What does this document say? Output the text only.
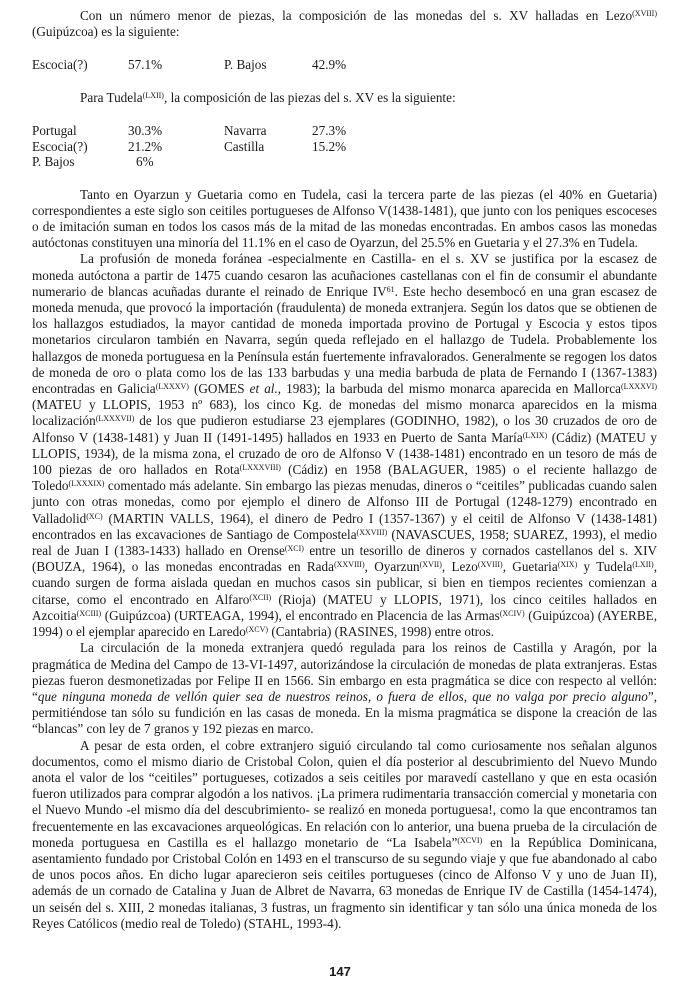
Con un número menor de piezas, la composición de las monedas del s. XV halladas en Lezo$^{(XVIII)}$ (Guipúzcoa) es la siguiente:

Escocia(?)	57.1%	P. Bajos	42.9%

Para Tudela$^{(LXII)}$, la composición de las piezas del s. XV es la siguiente:

Portugal	30.3%	Navarra	27.3%
Escocia(?)	21.2%	Castilla	15.2%
P. Bajos	6%

Tanto en Oyarzun y Guetaria como en Tudela, casi la tercera parte de las piezas (el 40% en Guetaria) correspondientes a este siglo son ceitiles portugueses de Alfonso V(1438-1481), que junto con los peniques escoceses o de imitación suman en todos los casos más de la mitad de las monedas encontradas. En ambos casos las monedas autóctonas constituyen una minoría del 11.1% en el caso de Oyarzun, del 25.5% en Guetaria y el 27.3% en Tudela.

La profusión de moneda foránea -especialmente en Castilla- en el s. XV se justifica por la escasez de moneda autóctona a partir de 1475 cuando cesaron las acuñaciones castellanas con el fin de consumir el abundante numerario de blancas acuñadas durante el reinado de Enrique IV$^{61}$. Este hecho desembocó en una gran escasez de moneda menuda, que provocó la importación (fraudulenta) de moneda extranjera. Según los datos que se obtienen de los hallazgos estudiados, la mayor cantidad de moneda importada provino de Portugal y Escocia y estos tipos monetarios circularon también en Navarra, según queda reflejado en el hallazgo de Tudela. Probablemente los hallazgos de moneda portuguesa en la Península están fuertemente infravalorados. Generalmente se regogen los datos de moneda de oro o plata como los de las 133 barbudas y una media barbuda de plata de Fernando I (1367-1383) encontradas en Galicia$^{(LXXXV)}$ (GOMES et al., 1983); la barbuda del mismo monarca aparecida en Mallorca$^{(LXXXVI)}$ (MATEU y LLOPIS, 1953 nº 683), los cinco Kg. de monedas del mismo monarca aparecidos en la misma localización$^{(LXXXVII)}$ de los que pudieron estudiarse 23 ejemplares (GODINHO, 1982), o los 30 cruzados de oro de Alfonso V (1438-1481) y Juan II (1491-1495) hallados en 1933 en Puerto de Santa María$^{(LXIX)}$ (Cádiz) (MATEU y LLOPIS, 1934), de la misma zona, el cruzado de oro de Alfonso V (1438-1481) encontrado en un tesoro de más de 100 piezas de oro hallados en Rota$^{(LXXXVIII)}$ (Cádiz) en 1958 (BALAGUER, 1985) o el reciente hallazgo de Toledo$^{(LXXXIX)}$ comentado más adelante. Sin embargo las piezas menudas, dineros o “ceitiles” publicadas cuando salen junto con otras monedas, como por ejemplo el dinero de Alfonso III de Portugal (1248-1279) encontrado en Valladolid$^{(XC)}$ (MARTIN VALLS, 1964), el dinero de Pedro I (1357-1367) y el ceitil de Alfonso V (1438-1481) encontrados en las excavaciones de Santiago de Compostela$^{(XXVIII)}$ (NAVASCUES, 1958; SUAREZ, 1993), el medio real de Juan I (1383-1433) hallado en Orense$^{(XCI)}$ entre un tesorillo de dineros y cornados castellanos del s. XIV (BOUZA, 1964), o las monedas encontradas en Rada$^{(XXVIII)}$, Oyarzun$^{(XVII)}$, Lezo$^{(XVIII)}$, Guetaria$^{(XIX)}$ y Tudela$^{(LXII)}$, cuando surgen de forma aislada quedan en muchos casos sin publicar, si bien en tiempos recientes comienzan a citarse, como el encontrado en Alfaro$^{(XCII)}$ (Rioja) (MATEU y LLOPIS, 1971), los cinco ceitiles hallados en Azcoitia$^{(XCIII)}$ (Guipúzcoa) (URTEAGA, 1994), el encontrado en Placencia de las Armas$^{(XCIV)}$ (Guipúzcoa) (AYERBE, 1994) o el ejemplar aparecido en Laredo$^{(XCV)}$ (Cantabria) (RASINES, 1998) entre otros.

La circulación de la moneda extranjera quedó regulada para los reinos de Castilla y Aragón, por la pragmática de Medina del Campo de 13-VI-1497, autorizándose la circulación de monedas de plata extranjeras. Estas piezas fueron desmonetizadas por Felipe II en 1566. Sin embargo en esta pragmática se dice con respecto al vellón: “que ninguna moneda de vellón quier sea de nuestros reinos, o fuera de ellos, que no valga por precio alguno”, permitiéndose tan sólo su fundición en las casas de moneda. En la misma pragmática se dispone la creación de las “blancas” con ley de 7 granos y 192 piezas en marco.

A pesar de esta orden, el cobre extranjero siguió circulando tal como curiosamente nos señalan algunos documentos, como el mismo diario de Cristobal Colon, quien el día posterior al descubrimiento del Nuevo Mundo anota el valor de los “ceitiles” portugueses, cotizados a seis ceitiles por maravedí castellano y que en esta ocasión fueron utilizados para comprar algodón a los nativos. ¡La primera rudimentaria transacción comercial y monetaria con el Nuevo Mundo -el mismo día del descubrimiento- se realizó en moneda portuguesa!, como la que encontramos tan frecuentemente en las excavaciones arqueológicas. En relación con lo anterior, una buena prueba de la circulación de moneda portuguesa en Castilla es el hallazgo monetario de “La Isabela”$^{(XCVI)}$ en la República Dominicana, asentamiento fundado por Cristobal Colón en 1493 en el transcurso de su segundo viaje y que fue abandonado al cabo de unos pocos años. En dicho lugar aparecieron seis ceitiles portugueses (cinco de Alfonso V y uno de Juan II), además de un cornado de Catalina y Juan de Albret de Navarra, 63 monedas de Enrique IV de Castilla (1454-1474), un seisén del s. XIII, 2 monedas italianas, 3 fustras, un fragmento sin identificar y tan sólo una única moneda de los Reyes Católicos (medio real de Toledo) (STAHL, 1993-4).

147
